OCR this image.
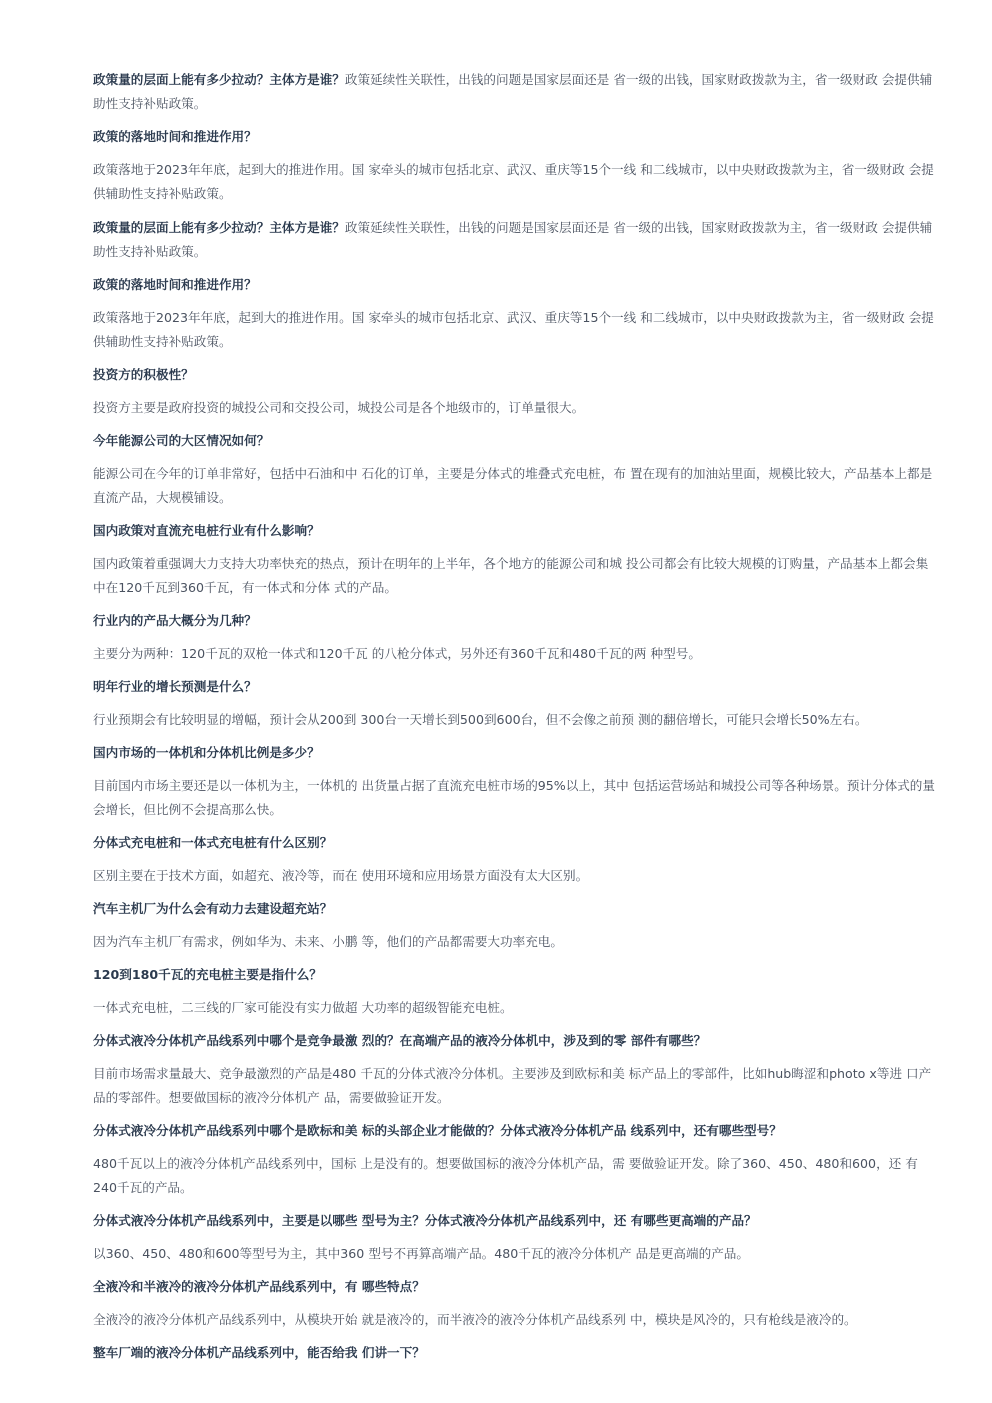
政策量的层面上能有多少拉动？主体方是谁？政策延续性关联性，出钱的问题是国家层面还是 省一级的出钱，国家财政拨款为主，省一级财政 会提供辅助性支持补贴政策。
政策的落地时间和推进作用？
政策落地于2023年年底，起到大的推进作用。国 家牵头的城市包括北京、武汉、重庆等15个一线 和二线城市，以中央财政拨款为主，省一级财政 会提供辅助性支持补贴政策。
政策量的层面上能有多少拉动？主体方是谁？政策延续性关联性，出钱的问题是国家层面还是 省一级的出钱，国家财政拨款为主，省一级财政 会提供辅助性支持补贴政策。
政策的落地时间和推进作用？
政策落地于2023年年底，起到大的推进作用。国 家牵头的城市包括北京、武汉、重庆等15个一线 和二线城市，以中央财政拨款为主，省一级财政 会提供辅助性支持补贴政策。
投资方的积极性？
投资方主要是政府投资的城投公司和交投公司，城投公司是各个地级市的，订单量很大。
今年能源公司的大区情况如何？
能源公司在今年的订单非常好，包括中石油和中 石化的订单，主要是分体式的堆叠式充电桩，布 置在现有的加油站里面，规模比较大，产品基本上都是直流产品，大规模铺设。
国内政策对直流充电桩行业有什么影响？
国内政策着重强调大力支持大功率快充的热点，预计在明年的上半年，各个地方的能源公司和城 投公司都会有比较大规模的订购量，产品基本上都会集中在120千瓦到360千瓦，有一体式和分体 式的产品。
行业内的产品大概分为几种？
主要分为两种：120千瓦的双枪一体式和120千瓦 的八枪分体式，另外还有360千瓦和480千瓦的两 种型号。
明年行业的增长预测是什么？
行业预期会有比较明显的增幅，预计会从200到 300台一天增长到500到600台，但不会像之前预 测的翻倍增长，可能只会增长50%左右。
国内市场的一体机和分体机比例是多少？
目前国内市场主要还是以一体机为主，一体机的 出货量占据了直流充电桩市场的95%以上，其中 包括运营场站和城投公司等各种场景。预计分体式的量会增长，但比例不会提高那么快。
分体式充电桩和一体式充电桩有什么区别？
区别主要在于技术方面，如超充、液冷等，而在 使用环境和应用场景方面没有太大区别。
汽车主机厂为什么会有动力去建设超充站？
因为汽车主机厂有需求，例如华为、未来、小鹏 等，他们的产品都需要大功率充电。
120到180千瓦的充电桩主要是指什么？
一体式充电桩，二三线的厂家可能没有实力做超 大功率的超级智能充电桩。
分体式液冷分体机产品线系列中哪个是竞争最激 烈的？在高端产品的液冷分体机中，涉及到的零 部件有哪些？
目前市场需求量最大、竞争最激烈的产品是480 千瓦的分体式液冷分体机。主要涉及到欧标和美 标产品上的零部件，比如hub晦涩和photo x等进 口产品的零部件。想要做国标的液冷分体机产 品，需要做验证开发。
分体式液冷分体机产品线系列中哪个是欧标和美 标的头部企业才能做的？分体式液冷分体机产品 线系列中，还有哪些型号？
480千瓦以上的液冷分体机产品线系列中，国标 上是没有的。想要做国标的液冷分体机产品，需 要做验证开发。除了360、450、480和600，还 有240千瓦的产品。
分体式液冷分体机产品线系列中，主要是以哪些 型号为主？分体式液冷分体机产品线系列中，还 有哪些更高端的产品？
以360、450、480和600等型号为主，其中360 型号不再算高端产品。480千瓦的液冷分体机产 品是更高端的产品。
全液冷和半液冷的液冷分体机产品线系列中，有 哪些特点？
全液冷的液冷分体机产品线系列中，从模块开始 就是液冷的，而半液冷的液冷分体机产品线系列 中，模块是风冷的，只有枪线是液冷的。
整车厂端的液冷分体机产品线系列中，能否给我 们讲一下？
